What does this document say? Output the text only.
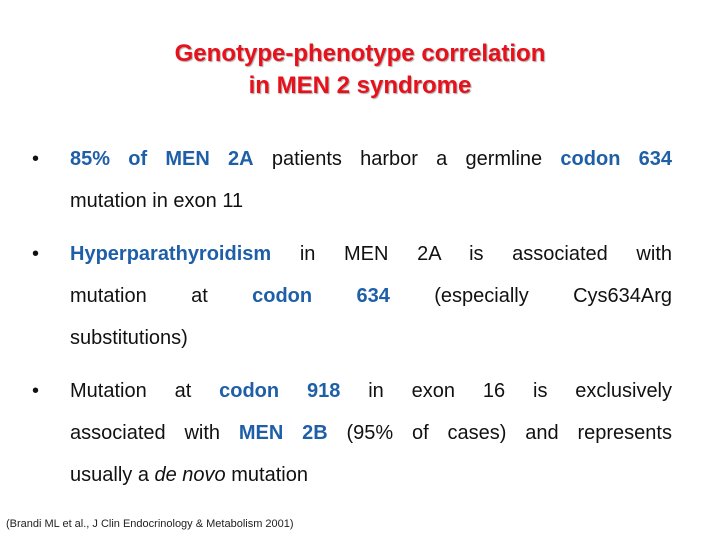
Genotype-phenotype correlation
in MEN 2 syndrome
•	85% of MEN 2A patients harbor a germline codon 634
mutation in exon 11
•	Hyperparathyroidism in MEN 2A is associated with
mutation at codon 634 (especially Cys634Arg
substitutions)
•	Mutation at codon 918 in exon 16 is exclusively
associated with MEN 2B (95% of cases) and represents
usually a de novo mutation
(Brandi ML et al., J Clin Endocrinology & Metabolism 2001)
